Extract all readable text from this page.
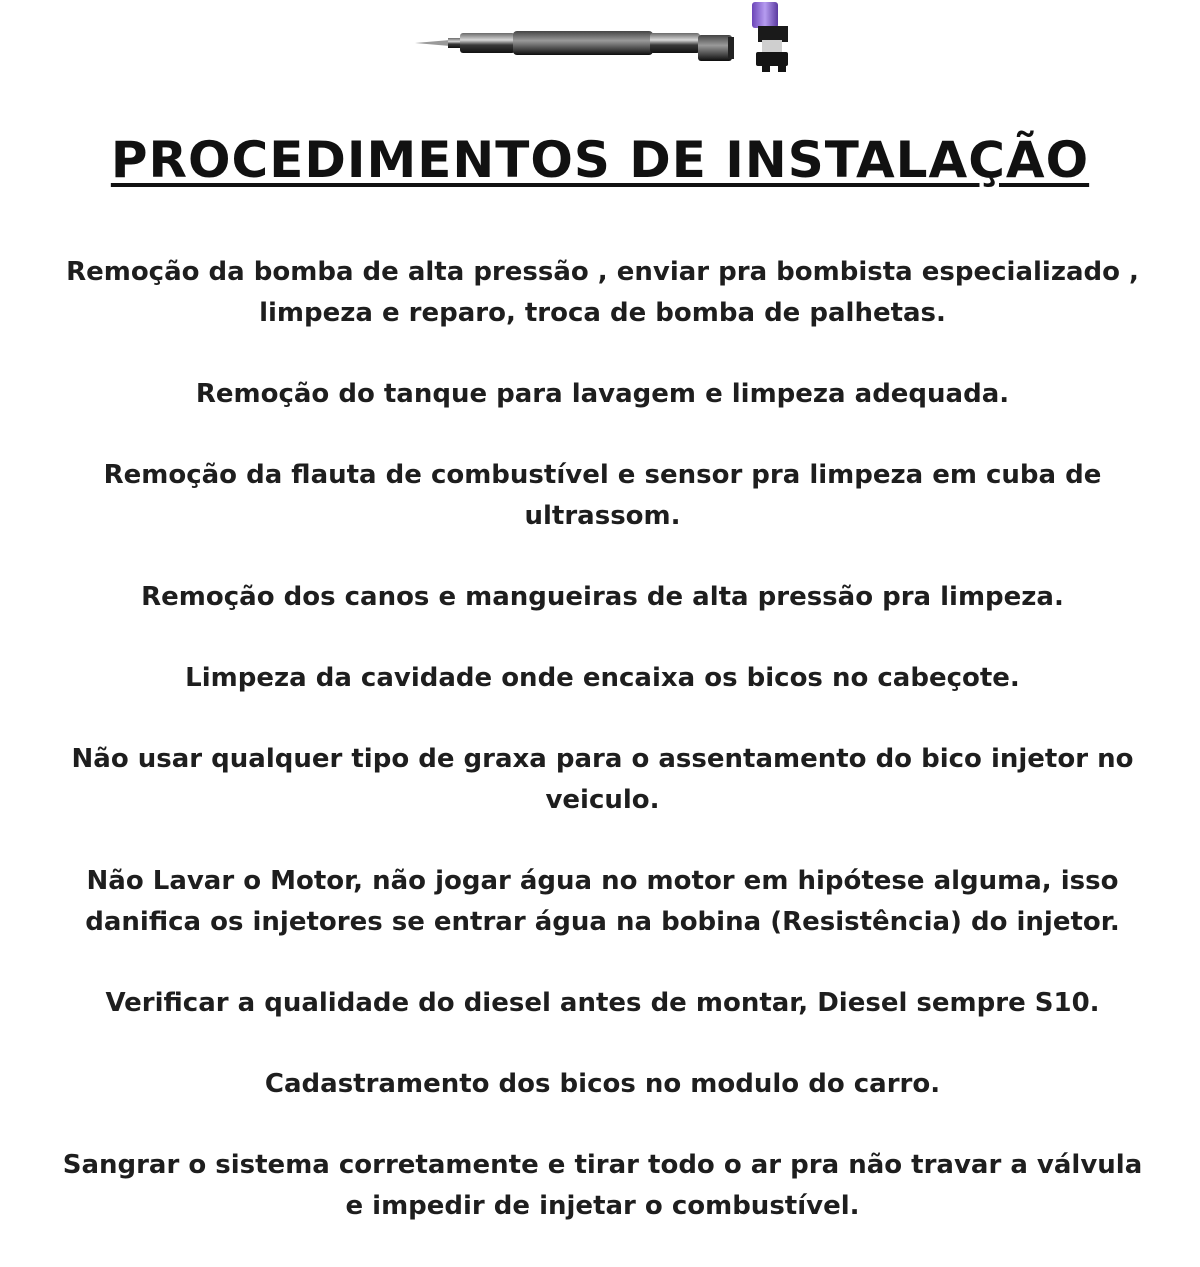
PROCEDIMENTOS DE INSTALAÇÃO
Remoção da bomba de alta pressão , enviar pra bombista especializado , limpeza e reparo, troca de bomba de palhetas.
Remoção do tanque para lavagem e limpeza adequada.
Remoção da flauta de combustível e sensor pra limpeza em cuba de ultrassom.
Remoção dos canos e mangueiras de alta pressão pra limpeza.
Limpeza da cavidade onde encaixa os bicos no cabeçote.
Não usar qualquer tipo de graxa para o assentamento do bico injetor no veiculo.
Não Lavar o Motor, não jogar água no motor em hipótese alguma, isso danifica os injetores se entrar água na bobina (Resistência) do injetor.
Verificar a qualidade do diesel antes de montar, Diesel sempre S10.
Cadastramento dos bicos no modulo do carro.
Sangrar o sistema corretamente e tirar todo o ar pra não travar a válvula e impedir de injetar o combustível.
